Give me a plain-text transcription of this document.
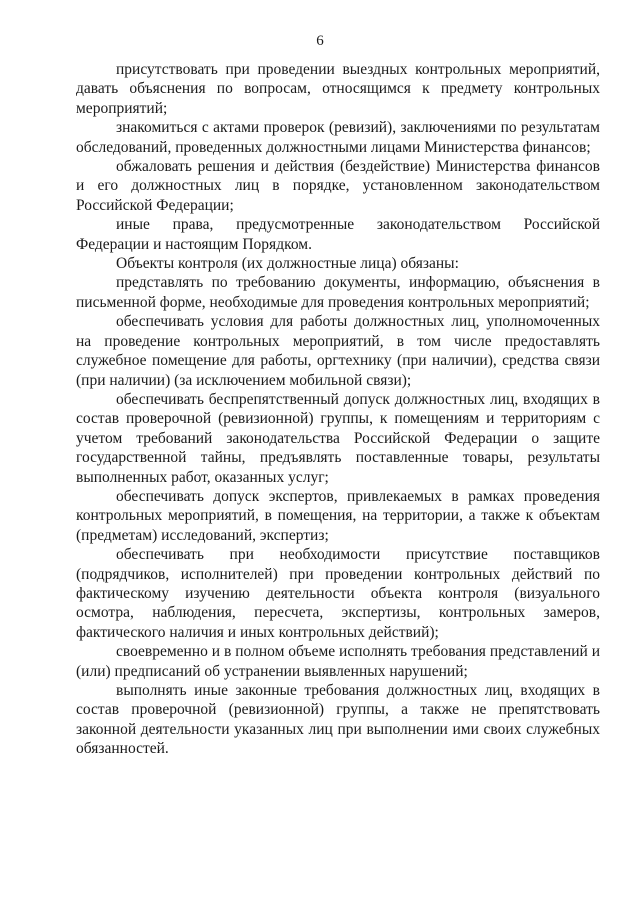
6

присутствовать при проведении выездных контрольных мероприятий, давать объяснения по вопросам, относящимся к предмету контрольных мероприятий;

знакомиться с актами проверок (ревизий), заключениями по результатам обследований, проведенных должностными лицами Министерства финансов;

обжаловать решения и действия (бездействие) Министерства финансов и его должностных лиц в порядке, установленном законодательством Российской Федерации;

иные права, предусмотренные законодательством Российской Федерации и настоящим Порядком.

Объекты контроля (их должностные лица) обязаны:

представлять по требованию документы, информацию, объяснения в письменной форме, необходимые для проведения контрольных мероприятий;

обеспечивать условия для работы должностных лиц, уполномоченных на проведение контрольных мероприятий, в том числе предоставлять служебное помещение для работы, оргтехнику (при наличии), средства связи (при наличии) (за исключением мобильной связи);

обеспечивать беспрепятственный допуск должностных лиц, входящих в состав проверочной (ревизионной) группы, к помещениям и территориям с учетом требований законодательства Российской Федерации о защите государственной тайны, предъявлять поставленные товары, результаты выполненных работ, оказанных услуг;

обеспечивать допуск экспертов, привлекаемых в рамках проведения контрольных мероприятий, в помещения, на территории, а также к объектам (предметам) исследований, экспертиз;

обеспечивать при необходимости присутствие поставщиков (подрядчиков, исполнителей) при проведении контрольных действий по фактическому изучению деятельности объекта контроля (визуального осмотра, наблюдения, пересчета, экспертизы, контрольных замеров, фактического наличия и иных контрольных действий);

своевременно и в полном объеме исполнять требования представлений и (или) предписаний об устранении выявленных нарушений;

выполнять иные законные требования должностных лиц, входящих в состав проверочной (ревизионной) группы, а также не препятствовать законной деятельности указанных лиц при выполнении ими своих служебных обязанностей.
